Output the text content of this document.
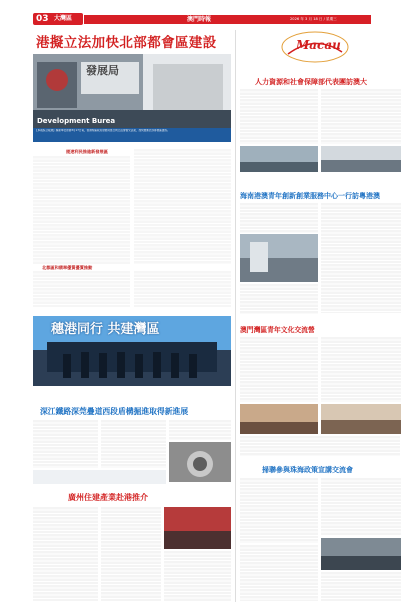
03 大灣區	澳門時報	2026 年 3 月 18 日 / 星期三
港擬立法加快北部都會區建設
發展局
Development Burea
【本報綜合報道】據新華社香港3月17日電，香港特區政府發展局當日向立法會提交法案，加快推進北部都會區建設。
提速利民推進新發展區
北都區和翡翠優質優質推動
Macau
人力資源和社會保障部代表團訪澳大
海南港澳青年創新創業服務中心一行訪粵港澳
穗港同行 共建灣區	澳門灣區青年文化交流營
深江鐵路深莞疊道西段盾構掘進取得新進展
廣州住建產業赴港推介
掃聯參與珠海政策宣講交流會
